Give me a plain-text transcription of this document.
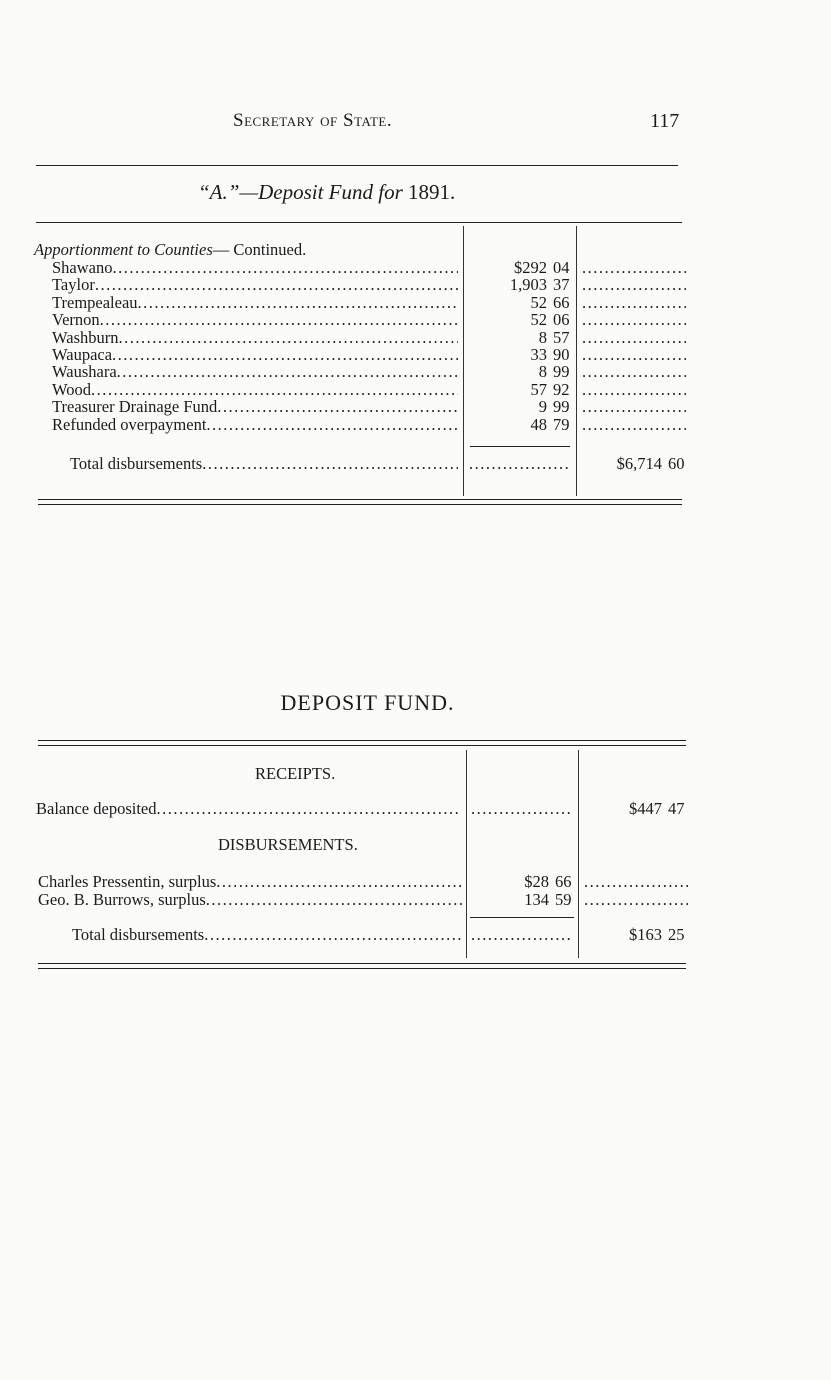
Secretary of State.	117
“A.”—Deposit Fund for 1891.
Apportionment to Counties— Continued.
Shawano .....	$292 04
.....
Taylor .....	1,903 37
.....
Trempealeau .....	52 66
.....
Vernon .....	52 06
.....
Washburn .....	8 57
.....
Waupaca .....	33 90
.....
Waushara .....	8 99
.....
Wood .....	57 92
.....
Treasurer Drainage Fund .....	9 99
.....
Refunded overpayment .....	48 79
.....
Total disbursements ..... .....	$6,714 60
DEPOSIT FUND.
RECEIPTS.
Balance deposited ..... .....	$447 47
DISBURSEMENTS.
Charles Pressentin, surplus .....	$28 66
.....
Geo. B. Burrows, surplus .....	134 59
.....
Total disbursements ..... .....	$163 25
